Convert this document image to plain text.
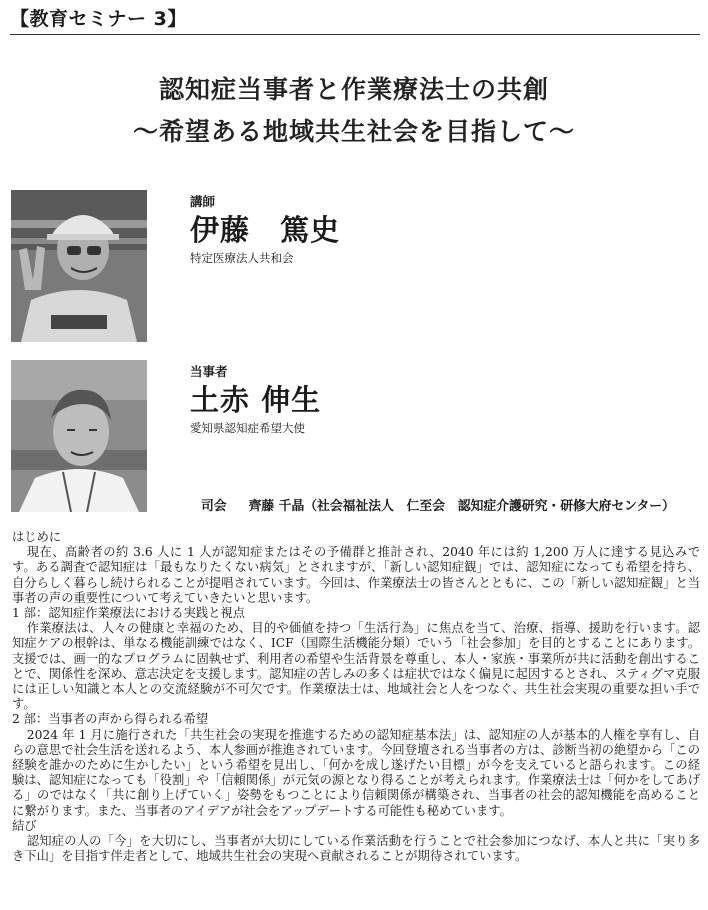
【教育セミナー 3】
認知症当事者と作業療法士の共創
～希望ある地域共生社会を目指して～
講師
伊藤　篤史
特定医療法人共和会
当事者
土赤 伸生
愛知県認知症希望大使
司会 齊藤 千晶（社会福祉法人　仁至会　認知症介護研究・研修大府センター）

はじめに

現在、高齢者の約 3.6 人に 1 人が認知症またはその予備群と推計され、2040 年には約 1,200 万人に達する見込みです。ある調査で認知症は「最もなりたくない病気」とされますが、「新しい認知症観」では、認知症になっても希望を持ち、自分らしく暮らし続けられることが提唱されています。今回は、作業療法士の皆さんとともに、この「新しい認知症観」と当事者の声の重要性について考えていきたいと思います。

1 部：認知症作業療法における実践と視点

作業療法は、人々の健康と幸福のため、目的や価値を持つ「生活行為」に焦点を当て、治療、指導、援助を行います。認知症ケアの根幹は、単なる機能訓練ではなく、ICF（国際生活機能分類）でいう「社会参加」を目的とすることにあります。支援では、画一的なプログラムに固執せず、利用者の希望や生活背景を尊重し、本人・家族・事業所が共に活動を創出することで、関係性を深め、意志決定を支援します。認知症の苦しみの多くは症状ではなく偏見に起因するとされ、スティグマ克服には正しい知識と本人との交流経験が不可欠です。作業療法士は、地域社会と人をつなぐ、共生社会実現の重要な担い手です。

2 部：当事者の声から得られる希望

2024 年 1 月に施行された「共生社会の実現を推進するための認知症基本法」は、認知症の人が基本的人権を享有し、自らの意思で社会生活を送れるよう、本人参画が推進されています。今回登壇される当事者の方は、診断当初の絶望から「この経験を誰かのために生かしたい」という希望を見出し、「何かを成し遂げたい目標」が今を支えていると語られます。この経験は、認知症になっても「役割」や「信頼関係」が元気の源となり得ることが考えられます。作業療法士は「何かをしてあげる」のではなく「共に創り上げていく」姿勢をもつことにより信頼関係が構築され、当事者の社会的認知機能を高めることに繋がります。また、当事者のアイデアが社会をアップデートする可能性も秘めています。

結び

認知症の人の「今」を大切にし、当事者が大切にしている作業活動を行うことで社会参加につなげ、本人と共に「実り多き下山」を目指す伴走者として、地域共生社会の実現へ貢献されることが期待されています。
